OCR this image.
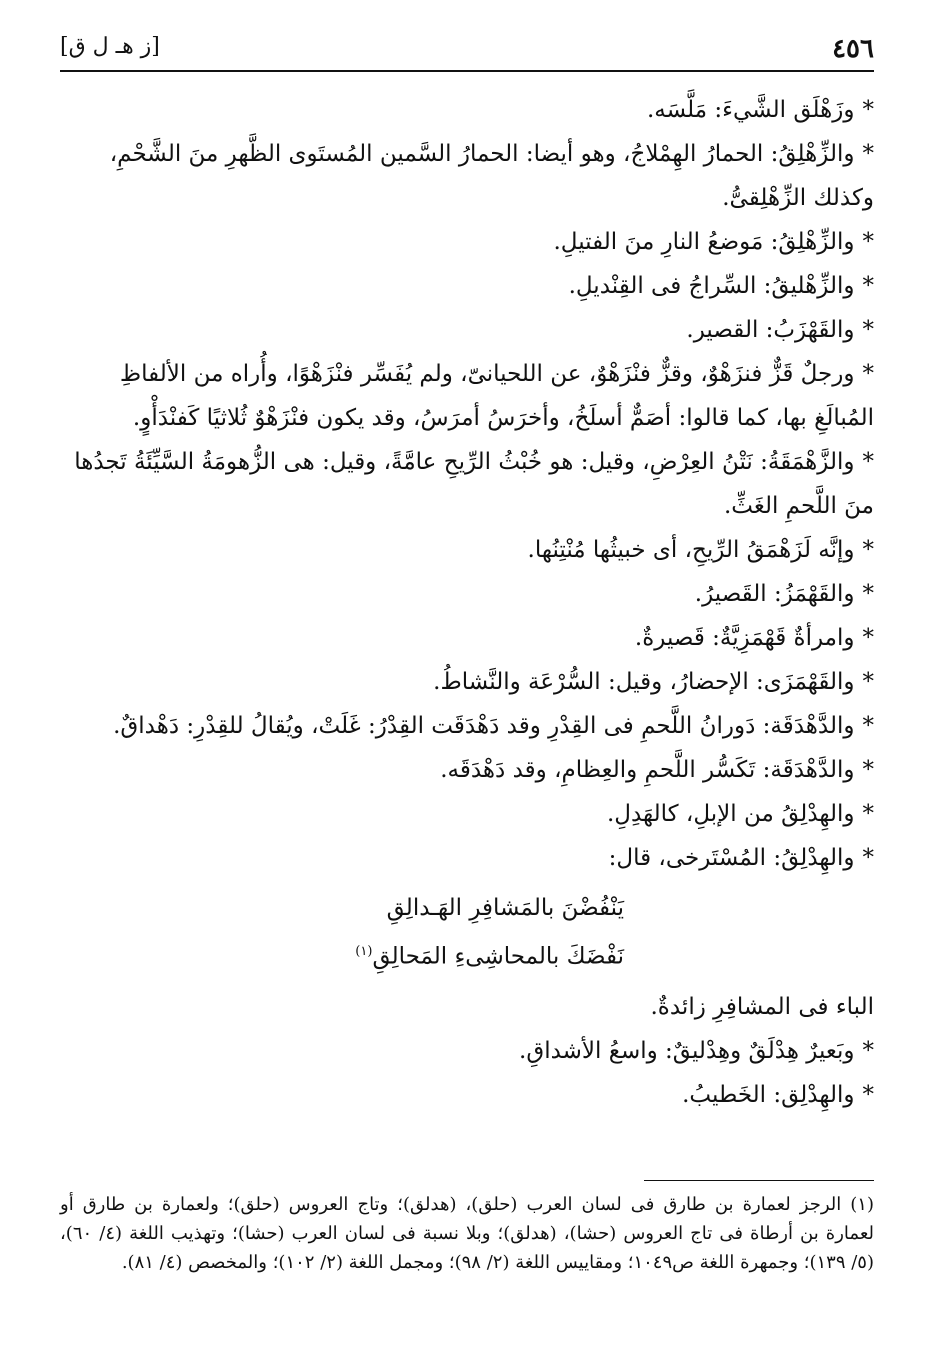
٤٥٦
[ز هـ ل ق]

*وزَهْلَق الشَّيءَ: مَلَّسَه.

*والزِّهْلِقُ: الحمارُ الهِمْلاجُ، وهو أيضا: الحمارُ السَّمين المُستَوى الظَّهرِ منَ الشَّحْمِ، وكذلك الزِّهْلِقىُّ.

*والزِّهْلِقُ: مَوضعُ النارِ منَ الفتيلِ.

*والزِّهْليقُ: السِّراجُ فى القِنْديلِ.

*والقَهْزَبُ: القصير.

*ورجلٌ قَزٌّ فنزَهْوٌ، وقزٌّ فنْزَهْوٌ، عن اللحيانىّ، ولم يُفَسِّر فنْزَهْوًا، وأُراه من الألفاظِ المُبالَغِ بها، كما قالوا: أصَمٌّ أسلَخُ، وأخرَسُ أمرَسُ، وقد يكون فنْزَهْوٌ ثُلاثيًا كَفنْدَأْوٍ.

*والزَّهْمَقَةُ: نَتْنُ العِرْضِ، وقيل: هو خُبْثُ الرِّيحِ عامَّةً، وقيل: هى الزُّهومَةُ السَّيِّئَةُ تَجدُها منَ اللَّحمِ الغَثِّ.

*وإنَّه لَزَهْمَقُ الرِّيحِ، أى خبيثُها مُنْتِنُها.

*والقَهْمَزُ: القَصيرُ.

*وامرأةٌ قَهْمَزِيَّةٌ: قَصيرةٌ.

*والقَهْمَزَى: الإحضارُ، وقيل: السُّرْعَة والنَّشاطُ.

*والدَّهْدَقَة: دَورانُ اللَّحمِ فى القِدْرِ وقد دَهْدَقَت القِدْرُ: غَلَتْ، ويُقالُ للقِدْرِ: دَهْداقٌ.

*والدَّهْدَقَة: تَكَسُّر اللَّحمِ والعِظامِ، وقد دَهْدَقَه.

*والهِدْلِقُ من الإبلِ، كالهَدِلِ.

*والهِدْلِقُ: المُسْتَرخى، قال:

يَنْفُضْنَ بالمَشافِرِ الهَـدالِقِ
نَفْضَكَ بالمحاشِىءِ المَحالِقِ$^{(١)}$

الباء فى المشافِرِ زائدةٌ.

*وبَعيرٌ هِدْلَقٌ وهِدْليقٌ: واسعُ الأشداقِ.

*والهِدْلِق: الخَطيبُ.

(١) الرجز لعمارة بن طارق فى لسان العرب (حلق)، (هدلق)؛ وتاج العروس (حلق)؛ ولعمارة بن طارق أو لعمارة بن أرطاة فى تاج العروس (حشا)، (هدلق)؛ وبلا نسبة فى لسان العرب (حشا)؛ وتهذيب اللغة (٤/ ٦٠)، (٥/ ١٣٩)؛ وجمهرة اللغة ص١٠٤٩؛ ومقاييس اللغة (٢/ ٩٨)؛ ومجمل اللغة (٢/ ١٠٢)؛ والمخصص (٤/ ٨١).
